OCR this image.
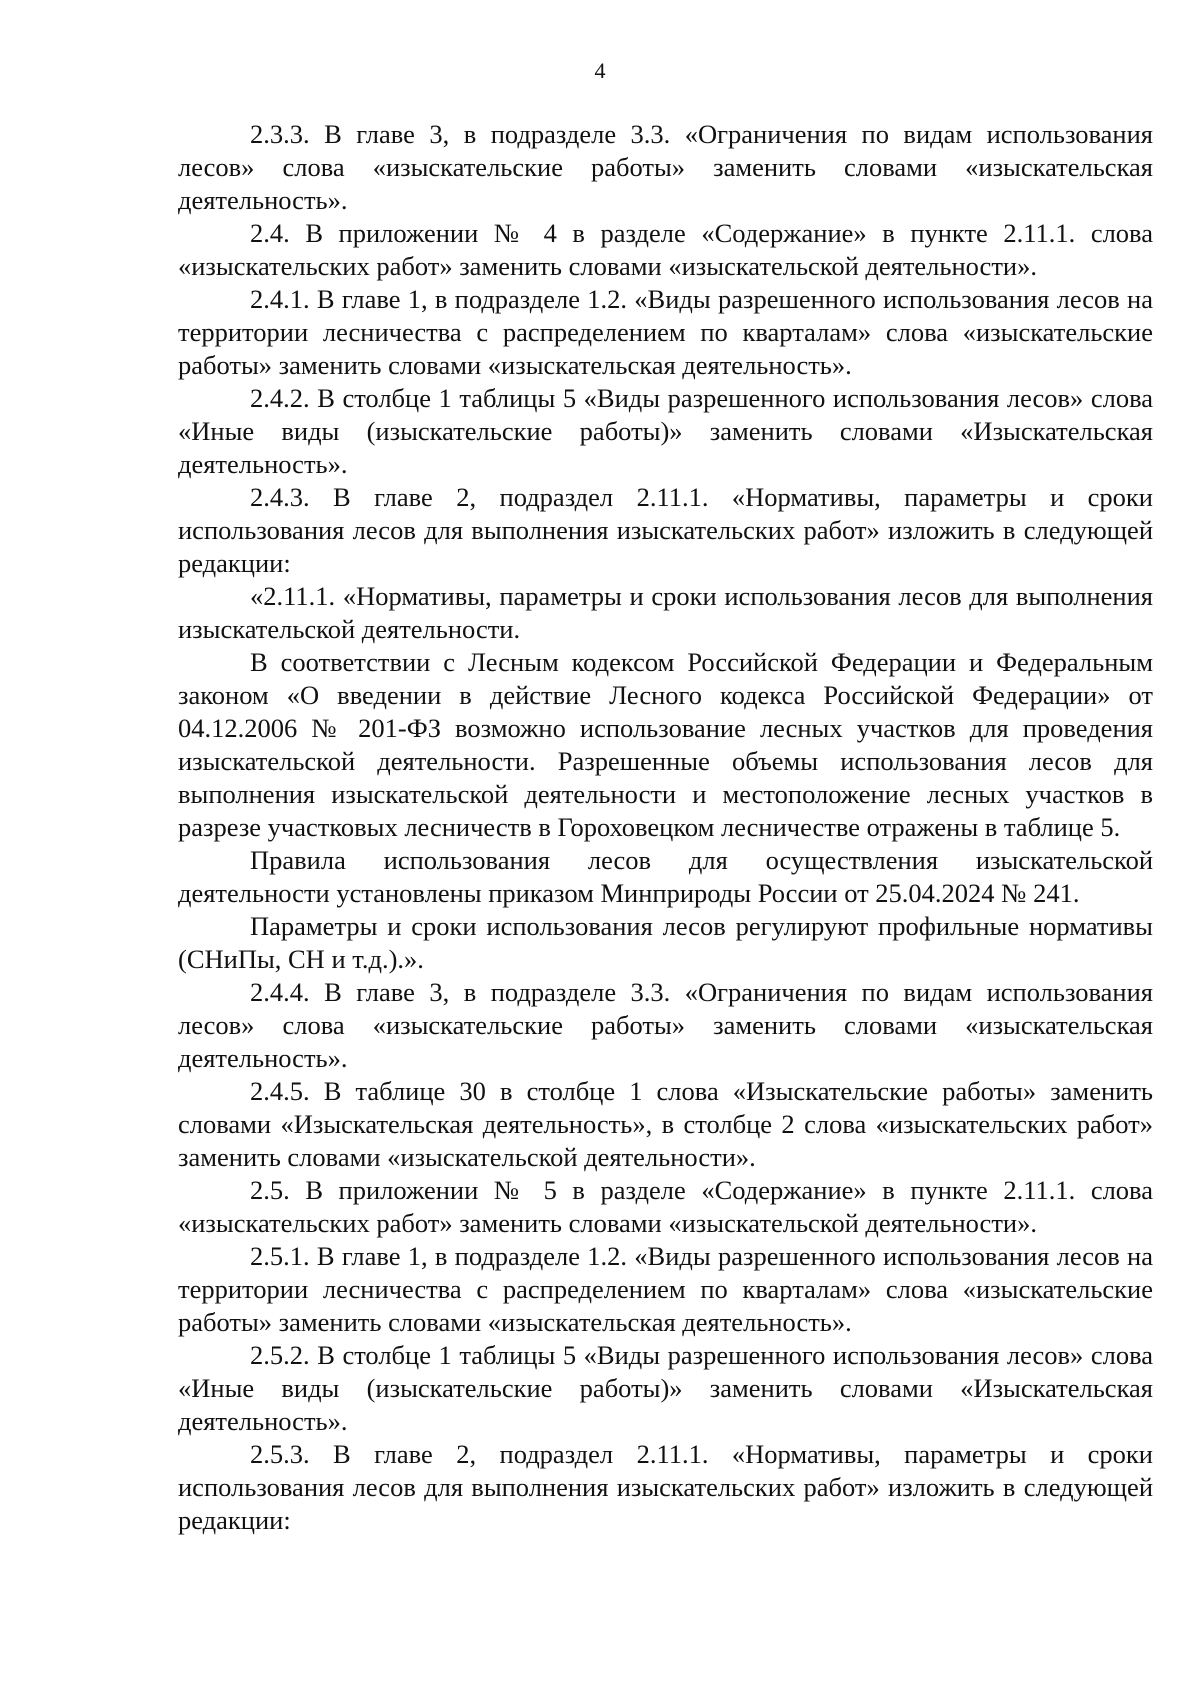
4

2.3.3. В главе 3, в подразделе 3.3. «Ограничения по видам использования лесов» слова «изыскательские работы» заменить словами «изыскательская деятельность».

2.4. В приложении № 4 в разделе «Содержание» в пункте 2.11.1. слова «изыскательских работ» заменить словами «изыскательской деятельности».

2.4.1. В главе 1, в подразделе 1.2. «Виды разрешенного использования лесов на территории лесничества с распределением по кварталам» слова «изыскательские работы» заменить словами «изыскательская деятельность».

2.4.2. В столбце 1 таблицы 5 «Виды разрешенного использования лесов» слова «Иные виды (изыскательские работы)» заменить словами «Изыскательская деятельность».

2.4.3. В главе 2, подраздел 2.11.1. «Нормативы, параметры и сроки использования лесов для выполнения изыскательских работ» изложить в следующей редакции:

«2.11.1. «Нормативы, параметры и сроки использования лесов для выполнения изыскательской деятельности.

В соответствии с Лесным кодексом Российской Федерации и Федеральным законом «О введении в действие Лесного кодекса Российской Федерации» от 04.12.2006 № 201-ФЗ возможно использование лесных участков для проведения изыскательской деятельности. Разрешенные объемы использования лесов для выполнения изыскательской деятельности и местоположение лесных участков в разрезе участковых лесничеств в Гороховецком лесничестве отражены в таблице 5.

Правила использования лесов для осуществления изыскательской деятельности установлены приказом Минприроды России от 25.04.2024 № 241.

Параметры и сроки использования лесов регулируют профильные нормативы (СНиПы, СН и т.д.).».

2.4.4. В главе 3, в подразделе 3.3. «Ограничения по видам использования лесов» слова «изыскательские работы» заменить словами «изыскательская деятельность».

2.4.5. В таблице 30 в столбце 1 слова «Изыскательские работы» заменить словами «Изыскательская деятельность», в столбце 2 слова «изыскательских работ» заменить словами «изыскательской деятельности».

2.5. В приложении № 5 в разделе «Содержание» в пункте 2.11.1. слова «изыскательских работ» заменить словами «изыскательской деятельности».

2.5.1. В главе 1, в подразделе 1.2. «Виды разрешенного использования лесов на территории лесничества с распределением по кварталам» слова «изыскательские работы» заменить словами «изыскательская деятельность».

2.5.2. В столбце 1 таблицы 5 «Виды разрешенного использования лесов» слова «Иные виды (изыскательские работы)» заменить словами «Изыскательская деятельность».

2.5.3. В главе 2, подраздел 2.11.1. «Нормативы, параметры и сроки использования лесов для выполнения изыскательских работ» изложить в следующей редакции:
